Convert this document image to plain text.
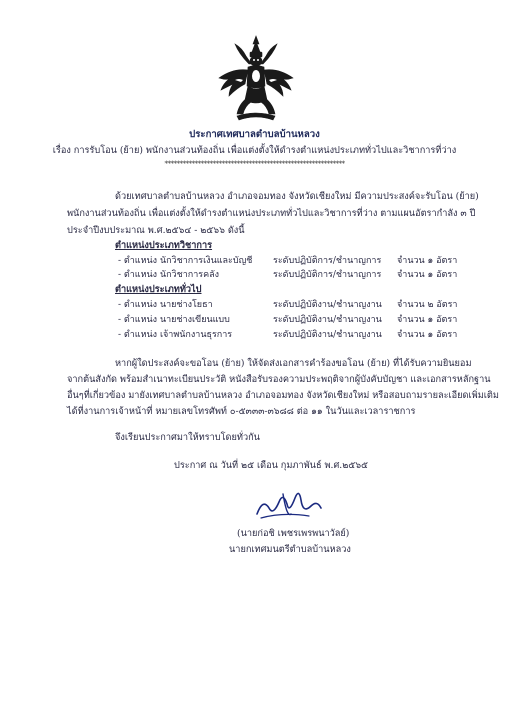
ประกาศเทศบาลตำบลบ้านหลวง
เรื่อง การรับโอน (ย้าย) พนักงานส่วนท้องถิ่น เพื่อแต่งตั้งให้ดำรงตำแหน่งประเภททั่วไปและวิชาการที่ว่าง
************************************************************
ด้วยเทศบาลตำบลบ้านหลวง อำเภอจอมทอง จังหวัดเชียงใหม่ มีความประสงค์จะรับโอน (ย้าย)
พนักงานส่วนท้องถิ่น เพื่อแต่งตั้งให้ดำรงตำแหน่งประเภททั่วไปและวิชาการที่ว่าง ตามแผนอัตรากำลัง ๓ ปี
ประจำปีงบประมาณ พ.ศ.๒๕๖๔ - ๒๕๖๖ ดังนี้
ตำแหน่งประเภทวิชาการ
- ตำแหน่ง นักวิชาการเงินและบัญชี ระดับปฏิบัติการ/ชำนาญการ จำนวน ๑ อัตรา
- ตำแหน่ง นักวิชาการคลัง	ระดับปฏิบัติการ/ชำนาญการ จำนวน ๑ อัตรา
ตำแหน่งประเภททั่วไป
- ตำแหน่ง นายช่างโยธา	ระดับปฏิบัติงาน/ชำนาญงาน จำนวน ๒ อัตรา
- ตำแหน่ง นายช่างเขียนแบบ	ระดับปฏิบัติงาน/ชำนาญงาน จำนวน ๑ อัตรา
- ตำแหน่ง เจ้าพนักงานธุรการ	ระดับปฏิบัติงาน/ชำนาญงาน จำนวน ๑ อัตรา
หากผู้ใดประสงค์จะขอโอน (ย้าย) ให้จัดส่งเอกสารคำร้องขอโอน (ย้าย) ที่ได้รับความยินยอม
จากต้นสังกัด พร้อมสำเนาทะเบียนประวัติ หนังสือรับรองความประพฤติจากผู้บังคับบัญชา และเอกสารหลักฐาน
อื่นๆที่เกี่ยวข้อง มายังเทศบาลตำบลบ้านหลวง อำเภอจอมทอง จังหวัดเชียงใหม่ หรือสอบถามรายละเอียดเพิ่มเติม
ได้ที่งานการเจ้าหน้าที่ หมายเลขโทรศัพท์ ๐-๕๓๓๓-๓๖๘๘ ต่อ ๑๑ ในวันและเวลาราชการ
จึงเรียนประกาศมาให้ทราบโดยทั่วกัน
ประกาศ ณ วันที่ ๒๕ เดือน กุมภาพันธ์ พ.ศ.๒๕๖๕
(นายก่อชิ เพชรเพรพนาวัลย์)
นายกเทศมนตรีตำบลบ้านหลวง
